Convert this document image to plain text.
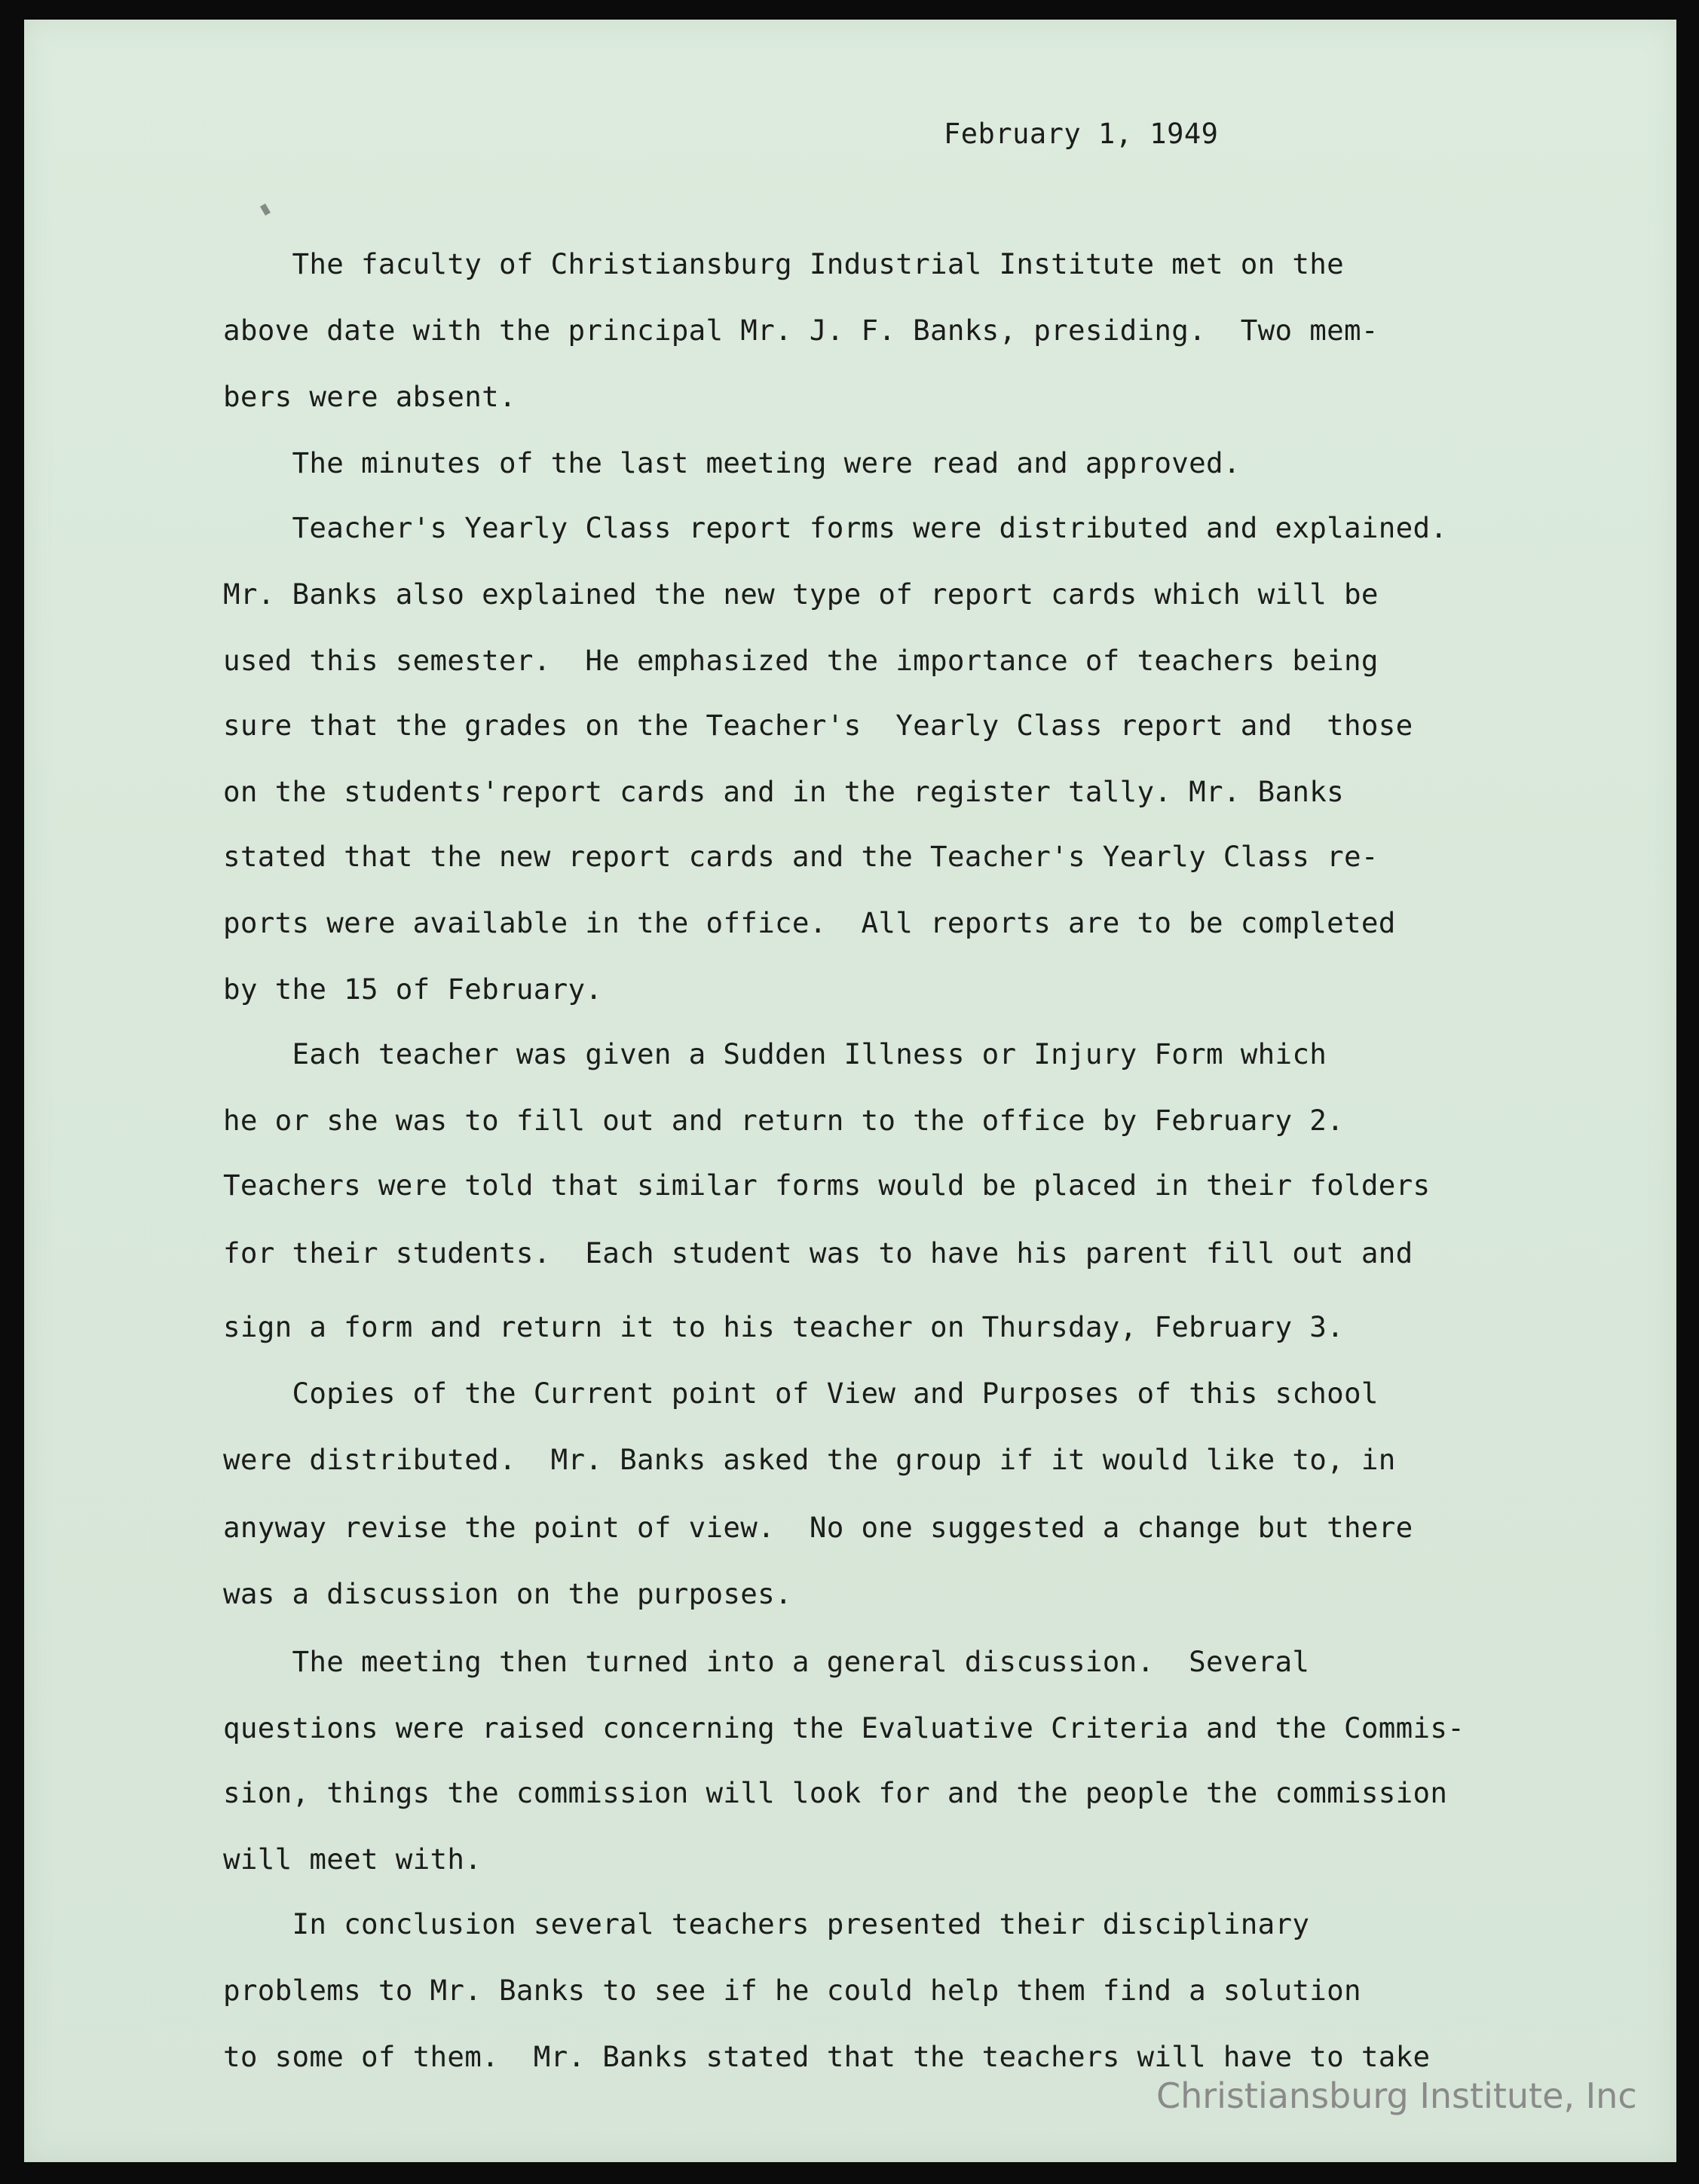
February 1, 1949
The faculty of Christiansburg Industrial Institute met on the
above date with the principal Mr. J. F. Banks, presiding.  Two mem-
bers were absent.
The minutes of the last meeting were read and approved.
Teacher's Yearly Class report forms were distributed and explained.
Mr. Banks also explained the new type of report cards which will be
used this semester.  He emphasized the importance of teachers being
sure that the grades on the Teacher's  Yearly Class report and  those
on the students'report cards and in the register tally. Mr. Banks
stated that the new report cards and the Teacher's Yearly Class re-
ports were available in the office.  All reports are to be completed
by the 15 of February.
Each teacher was given a Sudden Illness or Injury Form which
he or she was to fill out and return to the office by February 2.
Teachers were told that similar forms would be placed in their folders
for their students.  Each student was to have his parent fill out and
sign a form and return it to his teacher on Thursday, February 3.
Copies of the Current point of View and Purposes of this school
were distributed.  Mr. Banks asked the group if it would like to, in
anyway revise the point of view.  No one suggested a change but there
was a discussion on the purposes.
The meeting then turned into a general discussion.  Several
questions were raised concerning the Evaluative Criteria and the Commis-
sion, things the commission will look for and the people the commission
will meet with.
In conclusion several teachers presented their disciplinary
problems to Mr. Banks to see if he could help them find a solution
to some of them.  Mr. Banks stated that the teachers will have to take
Christiansburg Institute, Inc
